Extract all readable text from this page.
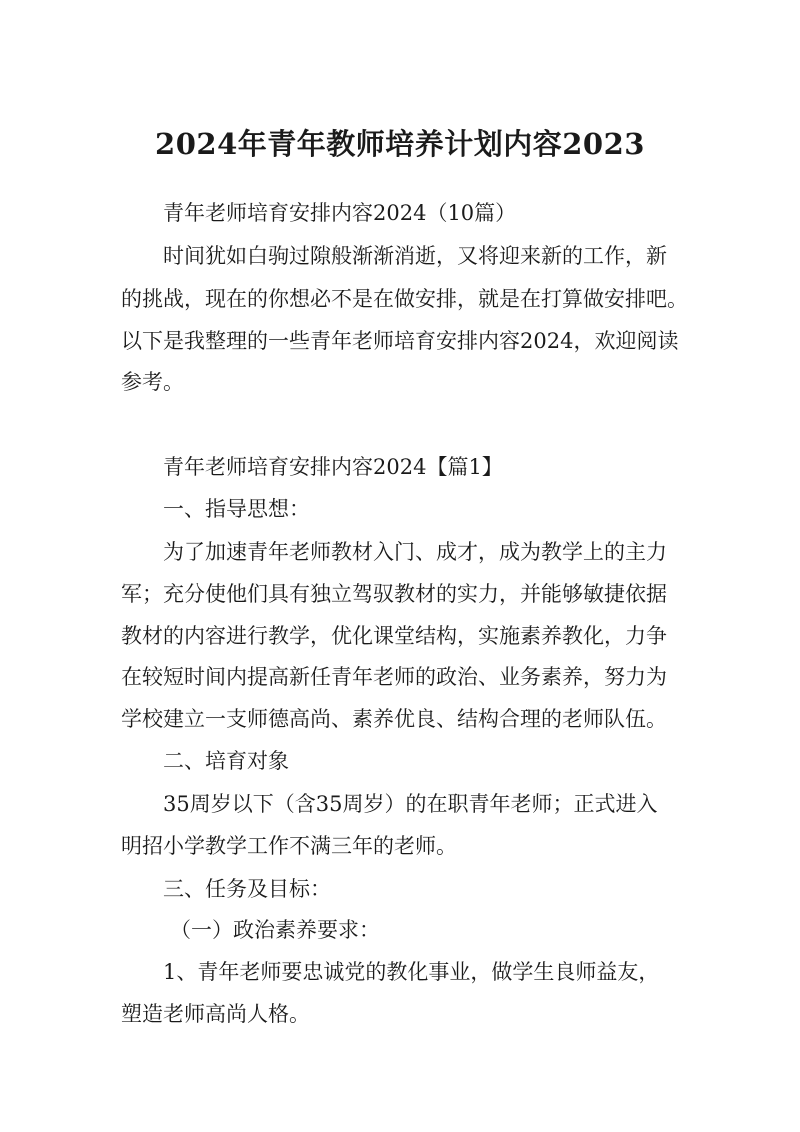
2024年青年教师培养计划内容2023

青年老师培育安排内容2024（10篇）

时间犹如白驹过隙般渐渐消逝，又将迎来新的工作，新

的挑战，现在的你想必不是在做安排，就是在打算做安排吧。

以下是我整理的一些青年老师培育安排内容2024，欢迎阅读

参考。

青年老师培育安排内容2024【篇1】

一、指导思想：

为了加速青年老师教材入门、成才，成为教学上的主力

军；充分使他们具有独立驾驭教材的实力，并能够敏捷依据

教材的内容进行教学，优化课堂结构，实施素养教化，力争

在较短时间内提高新任青年老师的政治、业务素养，努力为

学校建立一支师德高尚、素养优良、结构合理的老师队伍。

二、培育对象

35周岁以下（含35周岁）的在职青年老师；正式进入

明招小学教学工作不满三年的老师。

三、任务及目标：

（一）政治素养要求：

1、青年老师要忠诚党的教化事业，做学生良师益友，

塑造老师高尚人格。
